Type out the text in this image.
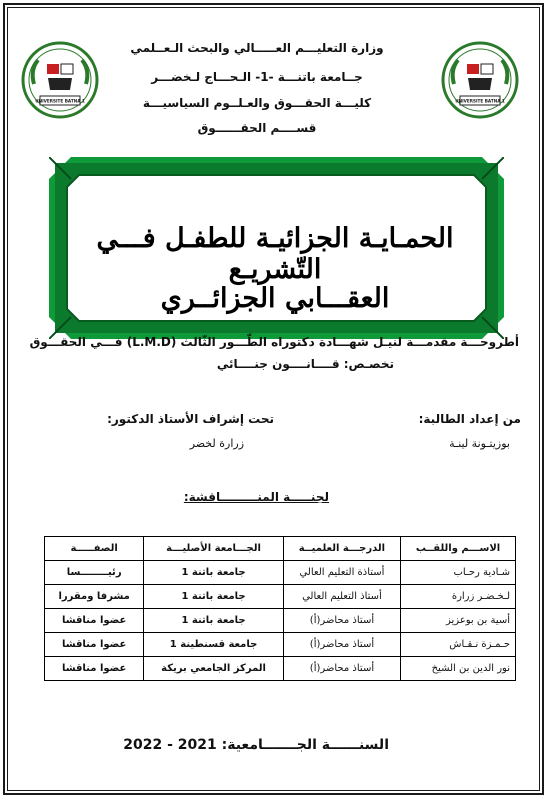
UNIVERSITE BATNA 1	UNIVERSITE BATNA 1
وزارة التعليـــم العـــــالي والبحث الـعــلمي
جــامعة باتنـــة -1- الـحـــاج لـخضـــر
كليـــة الحقـــوق والعـلــوم السياسيـــة
قســــم الحقــــــوق
الحمـايـة الجزائيـة للطفـل فـــي التّشريـع
العقـــابي الجزائــري
أطروحـــة مقدمـــة لنيـل شهـــادة دكتوراه الطّـــور الثّالث (L.M.D) فـــي الحقـــوق
تخصـص: قــــانــــون جنــــائي
من إعداد الطالبة:
بوزيتـونة لينـة
تحت إشراف الأستاذ الدكتور:
زرارة لخضر
لجنـــــة المنـــــــــاقشة:
الاســـم واللقــب	الدرجـــة العلميــة	الجـــامعة الأصليـــة	الصفـــــة
شـادية رحـاب	أستاذة التعليم العالي	جامعة باتنة 1	رئيــــــــسا
لـخـضـر زرارة	أستاذ التعليم العالي	جامعة باتنة 1	مشرفا ومقررا
أسية بن بوعزيز	أستاذ محاضر(أ)	جامعة باتنة 1	عضوا مناقشا
حـمـزة نـقـاش	أستاذ محاضر(أ)	جامعة قسنطينة 1	عضوا مناقشا
نور الدين بن الشيخ	أستاذ محاضر(أ)	المركز الجامعي بريكة	عضوا مناقشا
السنــــــة الجـــــــامعية: 2021 - 2022
